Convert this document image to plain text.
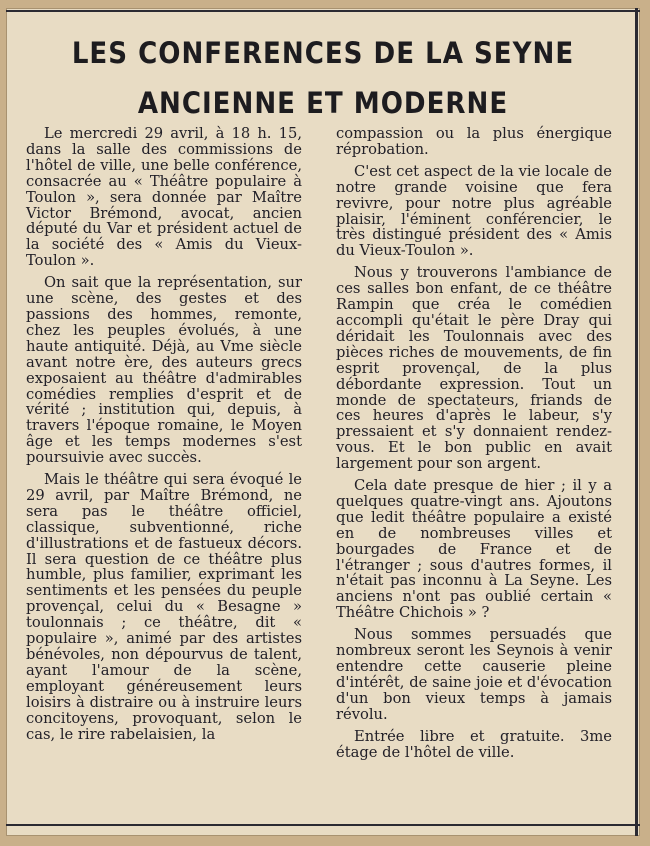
LES CONFERENCES DE LA SEYNE
ANCIENNE ET MODERNE

Le mercredi 29 avril, à 18 h. 15, dans la salle des commissions de l'hôtel de ville, une belle conférence, consacrée au « Théâtre populaire à Toulon », sera donnée par Maître Victor Brémond, avocat, ancien député du Var et président actuel de la société des « Amis du Vieux-Toulon ».

On sait que la représentation, sur une scène, des gestes et des passions des hommes, remonte, chez les peuples évolués, à une haute antiquité. Déjà, au Vme siècle avant notre ère, des auteurs grecs exposaient au théâtre d'admirables comédies remplies d'esprit et de vérité ; institution qui, depuis, à travers l'époque romaine, le Moyen âge et les temps modernes s'est poursuivie avec succès.

Mais le théâtre qui sera évoqué le 29 avril, par Maître Brémond, ne sera pas le théâtre officiel, classique, subventionné, riche d'illustrations et de fastueux décors. Il sera question de ce théâtre plus humble, plus familier, exprimant les sentiments et les pensées du peuple provençal, celui du « Besagne » toulonnais ; ce théâtre, dit « populaire », animé par des artistes bénévoles, non dépourvus de talent, ayant l'amour de la scène, employant généreusement leurs loisirs à distraire ou à instruire leurs concitoyens, provoquant, selon le cas, le rire rabelaisien, la

compassion ou la plus énergique réprobation.

C'est cet aspect de la vie locale de notre grande voisine que fera revivre, pour notre plus agréable plaisir, l'éminent conférencier, le très distingué président des « Amis du Vieux-Toulon ».

Nous y trouverons l'ambiance de ces salles bon enfant, de ce théâtre Rampin que créa le comédien accompli qu'était le père Dray qui déridait les Toulonnais avec des pièces riches de mouvements, de fin esprit provençal, de la plus débordante expression. Tout un monde de spectateurs, friands de ces heures d'après le labeur, s'y pressaient et s'y donnaient rendez-vous. Et le bon public en avait largement pour son argent.

Cela date presque de hier ; il y a quelques quatre-vingt ans. Ajoutons que ledit théâtre populaire a existé en de nombreuses villes et bourgades de France et de l'étranger ; sous d'autres formes, il n'était pas inconnu à La Seyne. Les anciens n'ont pas oublié certain « Théâtre Chichois » ?

Nous sommes persuadés que nombreux seront les Seynois à venir entendre cette causerie pleine d'intérêt, de saine joie et d'évocation d'un bon vieux temps à jamais révolu.

Entrée libre et gratuite. 3me étage de l'hôtel de ville.
